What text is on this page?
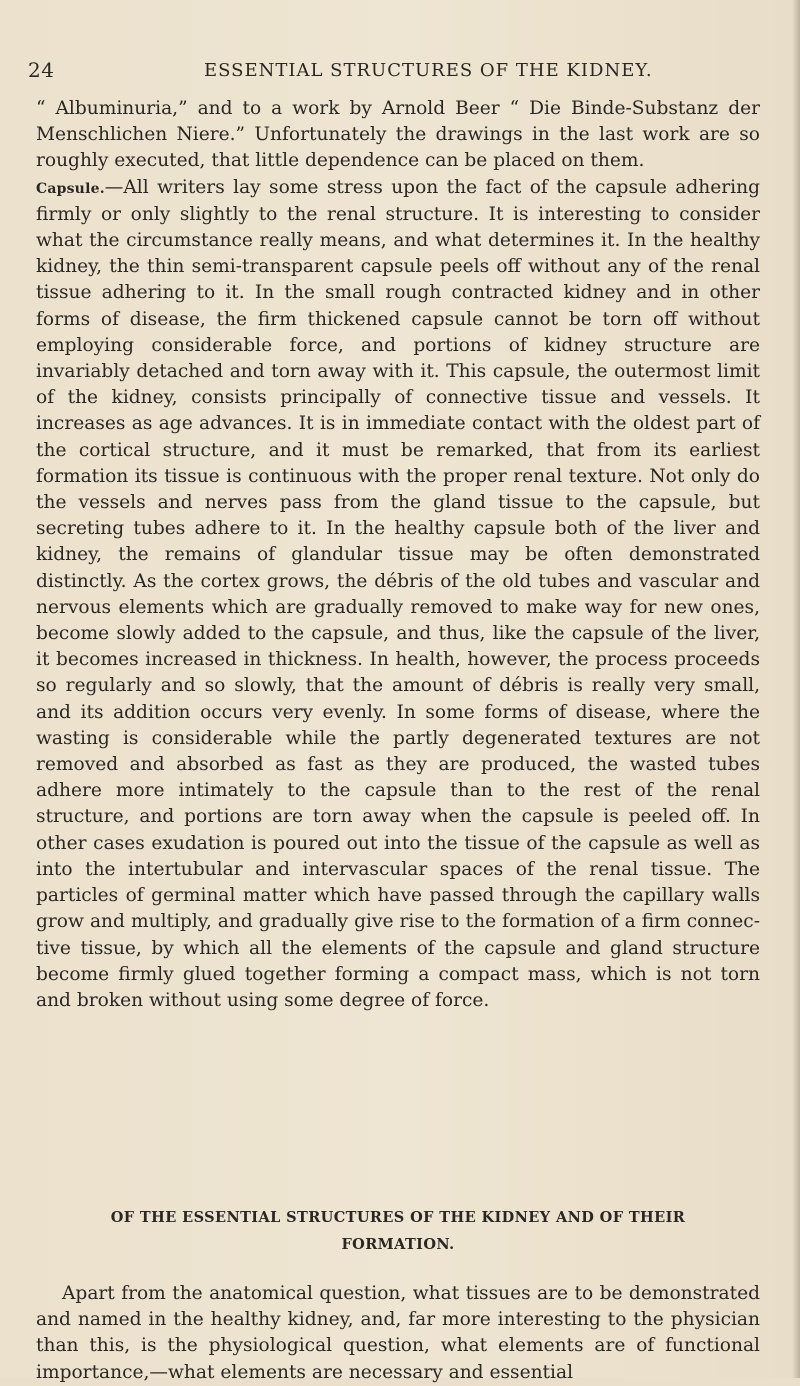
24	ESSENTIAL STRUCTURES OF THE KIDNEY.

“ Albuminuria,” and to a work by Arnold Beer “ Die Binde-Substanz der Menschlichen Niere.” Unfortunately the drawings in the last work are so roughly executed, that little dependence can be placed on them.

Capsule.—All writers lay some stress upon the fact of the capsule adhering firmly or only slightly to the renal structure. It is interesting to consider what the circumstance really means, and what determines it. In the healthy kidney, the thin semi-transparent capsule peels off without any of the renal tissue adhering to it. In the small rough contracted kidney and in other forms of disease, the firm thickened capsule cannot be torn off without employing considerable force, and portions of kidney structure are invariably detached and torn away with it. This capsule, the outermost limit of the kidney, consists principally of connective tissue and vessels. It increases as age advances. It is in immediate contact with the oldest part of the cortical structure, and it must be remarked, that from its earliest formation its tissue is continuous with the proper renal texture. Not only do the vessels and nerves pass from the gland tissue to the capsule, but secreting tubes adhere to it. In the healthy capsule both of the liver and kidney, the remains of glandular tissue may be often demonstrated distinctly. As the cortex grows, the débris of the old tubes and vascular and nervous elements which are gradually removed to make way for new ones, become slowly added to the capsule, and thus, like the capsule of the liver, it becomes increased in thickness. In health, however, the process proceeds so regularly and so slowly, that the amount of débris is really very small, and its addition occurs very evenly. In some forms of disease, where the wasting is considerable while the partly degenerated textures are not removed and absorbed as fast as they are produced, the wasted tubes adhere more intimately to the capsule than to the rest of the renal structure, and portions are torn away when the capsule is peeled off. In other cases exudation is poured out into the tissue of the capsule as well as into the intertubular and intervascular spaces of the renal tissue. The particles of germinal matter which have passed through the capillary walls grow and multiply, and gradually give rise to the formation of a firm connective tissue, by which all the elements of the capsule and gland structure become firmly glued together forming a compact mass, which is not torn and broken without using some degree of force.

OF THE ESSENTIAL STRUCTURES OF THE KIDNEY AND OF THEIR
FORMATION.

Apart from the anatomical question, what tissues are to be demonstrated and named in the healthy kidney, and, far more interesting to the physician than this, is the physiological question, what elements are of functional importance,—what elements are necessary and essential
